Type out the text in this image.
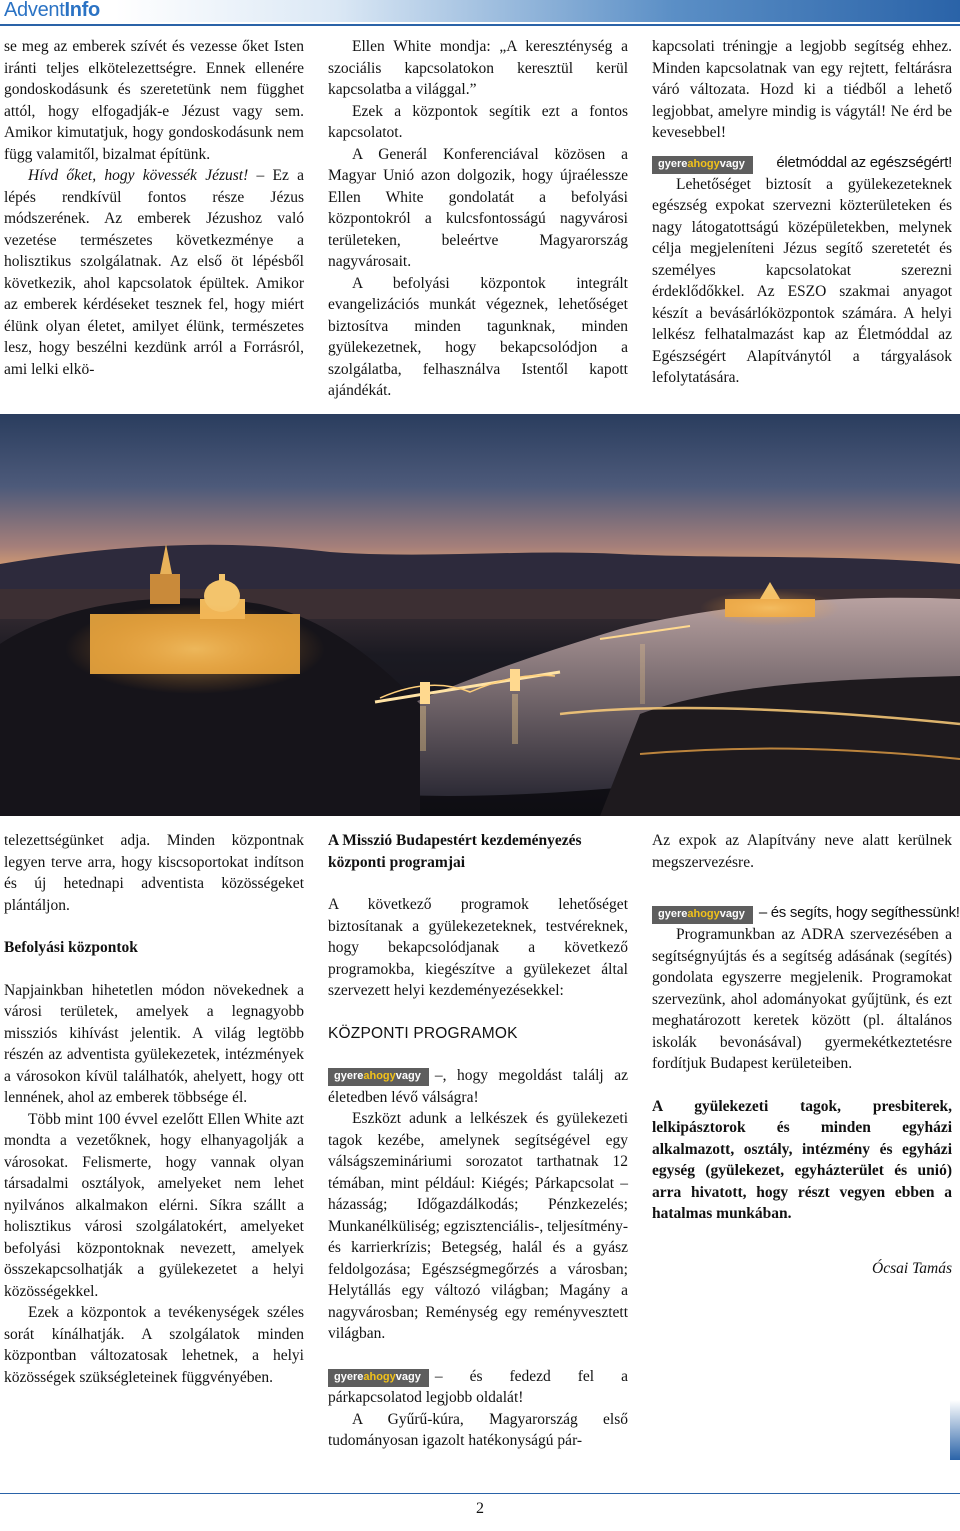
AdventInfo

se meg az emberek szívét és vezesse őket Isten iránti teljes elkötelezettségre. Ennek ellenére gondoskodásunk és szeretetünk nem függhet attól, hogy elfogadják-e Jézust vagy sem. Amikor kimutatjuk, hogy gondoskodásunk nem függ valamitől, bizalmat építünk.

Hívd őket, hogy kövessék Jézust! – Ez a lépés rendkívül fontos része Jézus módszerének. Az emberek Jézushoz való vezetése természetes következménye a holisztikus szolgálatnak. Az első öt lépésből következik, ahol kapcsolatok épültek. Amikor az emberek kérdéseket tesznek fel, hogy miért élünk olyan életet, amilyet élünk, természetes lesz, hogy beszélni kezdünk arról a Forrásról, ami lelki elkö-

Ellen White mondja: „A kereszténység a szociális kapcsolatokon keresztül kerül kapcsolatba a világgal.”

Ezek a központok segítik ezt a fontos kapcsolatot.

A Generál Konferenciával közösen a Magyar Unió azon dolgozik, hogy újraélessze Ellen White gondolatát a befolyási központokról a kulcsfontosságú nagyvárosi területeken, beleértve Magyarország nagyvárosait.

A befolyási központok integrált evangelizációs munkát végeznek, lehetőséget biztosítva minden tagunknak, minden gyülekezetnek, hogy bekapcsolódjon a szolgálatba, felhasználva Istentől kapott ajándékát.

kapcsolati tréningje a legjobb segítség ehhez. Minden kapcsolatnak van egy rejtett, feltárásra váró változata. Hozd ki a tiédből a lehető legjobbat, amelyre mindig is vágytál! Ne érd be kevesebbel!

gyereahogyvagy	életmóddal az egészségért!

Lehetőséget biztosít a gyülekezeteknek egészség expokat szervezni közterületeken és nagy látogatottságú középületekben, melynek célja megjeleníteni Jézus segítő szeretetét és személyes kapcsolatokat szerezni érdeklődőkkel. Az ESZO szakmai anyagot készít a bevásárlóközpontok számára. A helyi lelkész felhatalmazást kap az Életmóddal az Egészségért Alapítványtól a tárgyalások lefolytatására.

telezettségünket adja. Minden központnak legyen terve arra, hogy kiscsoportokat indítson és új hetednapi adventista közösségeket plántáljon.

Befolyási központok

Napjainkban hihetetlen módon növekednek a városi területek, amelyek a legnagyobb missziós kihívást jelentik. A világ legtöbb részén az adventista gyülekezetek, intézmények a városokon kívül találhatók, ahelyett, hogy ott lennének, ahol az emberek többsége él.

Több mint 100 évvel ezelőtt Ellen White azt mondta a vezetőknek, hogy elhanyagolják a városokat. Felismerte, hogy vannak olyan társadalmi osztályok, amelyeket nem lehet nyilvános alkalmakon elérni. Síkra szállt a holisztikus városi szolgálatokért, amelyeket befolyási központoknak nevezett, amelyek összekapcsolhatják a gyülekezetet a helyi közösségekkel.

Ezek a központok a tevékenységek széles sorát kínálhatják. A szolgálatok minden központban változatosak lehetnek, a helyi közösségek szükségleteinek függvényében.

A Misszió Budapestért kezdeményezés központi programjai

A következő programok lehetőséget biztosítanak a gyülekezeteknek, testvéreknek, hogy bekapcsolódjanak a következő programokba, kiegészítve a gyülekezet által szervezett helyi kezdeményezésekkel:

KÖZPONTI PROGRAMOK

gyereahogyvagy –, hogy megoldást találj az életedben lévő válságra!

Eszközt adunk a lelkészek és gyülekezeti tagok kezébe, amelynek segítségével egy válságszemináriumi sorozatot tarthatnak 12 témában, mint például: Kiégés; Párkapcsolat – házasság; Időgazdálkodás; Pénzkezelés; Munkanélküliség; egzisztenciális-, teljesítmény- és karrierkrízis; Betegség, halál és a gyász feldolgozása; Egészségmegőrzés a városban; Helytállás egy változó világban; Magány a nagyvárosban; Reménység egy reményvesztett világban.

gyereahogyvagy – és fedezd fel a párkapcsolatod legjobb oldalát!

A Gyűrű-kúra, Magyarország első tudományosan igazolt hatékonyságú pár-

Az expok az Alapítvány neve alatt kerülnek megszervezésre.

gyereahogyvagy – és segíts, hogy segíthessünk!

Programunkban az ADRA szervezésében a segítségnyújtás és a segítség adásának (segítés) gondolata egyszerre megjelenik. Programokat szervezünk, ahol adományokat gyűjtünk, és ezt meghatározott keretek között (pl. általános iskolák bevonásával) gyermekétkeztetésre fordítjuk Budapest kerületeiben.

A gyülekezeti tagok, presbiterek, lelkipásztorok és minden egyházi alkalmazott, osztály, intézmény és egyházi egység (gyülekezet, egyházterület és unió) arra hivatott, hogy részt vegyen ebben a hatalmas munkában.

Ócsai Tamás

2
